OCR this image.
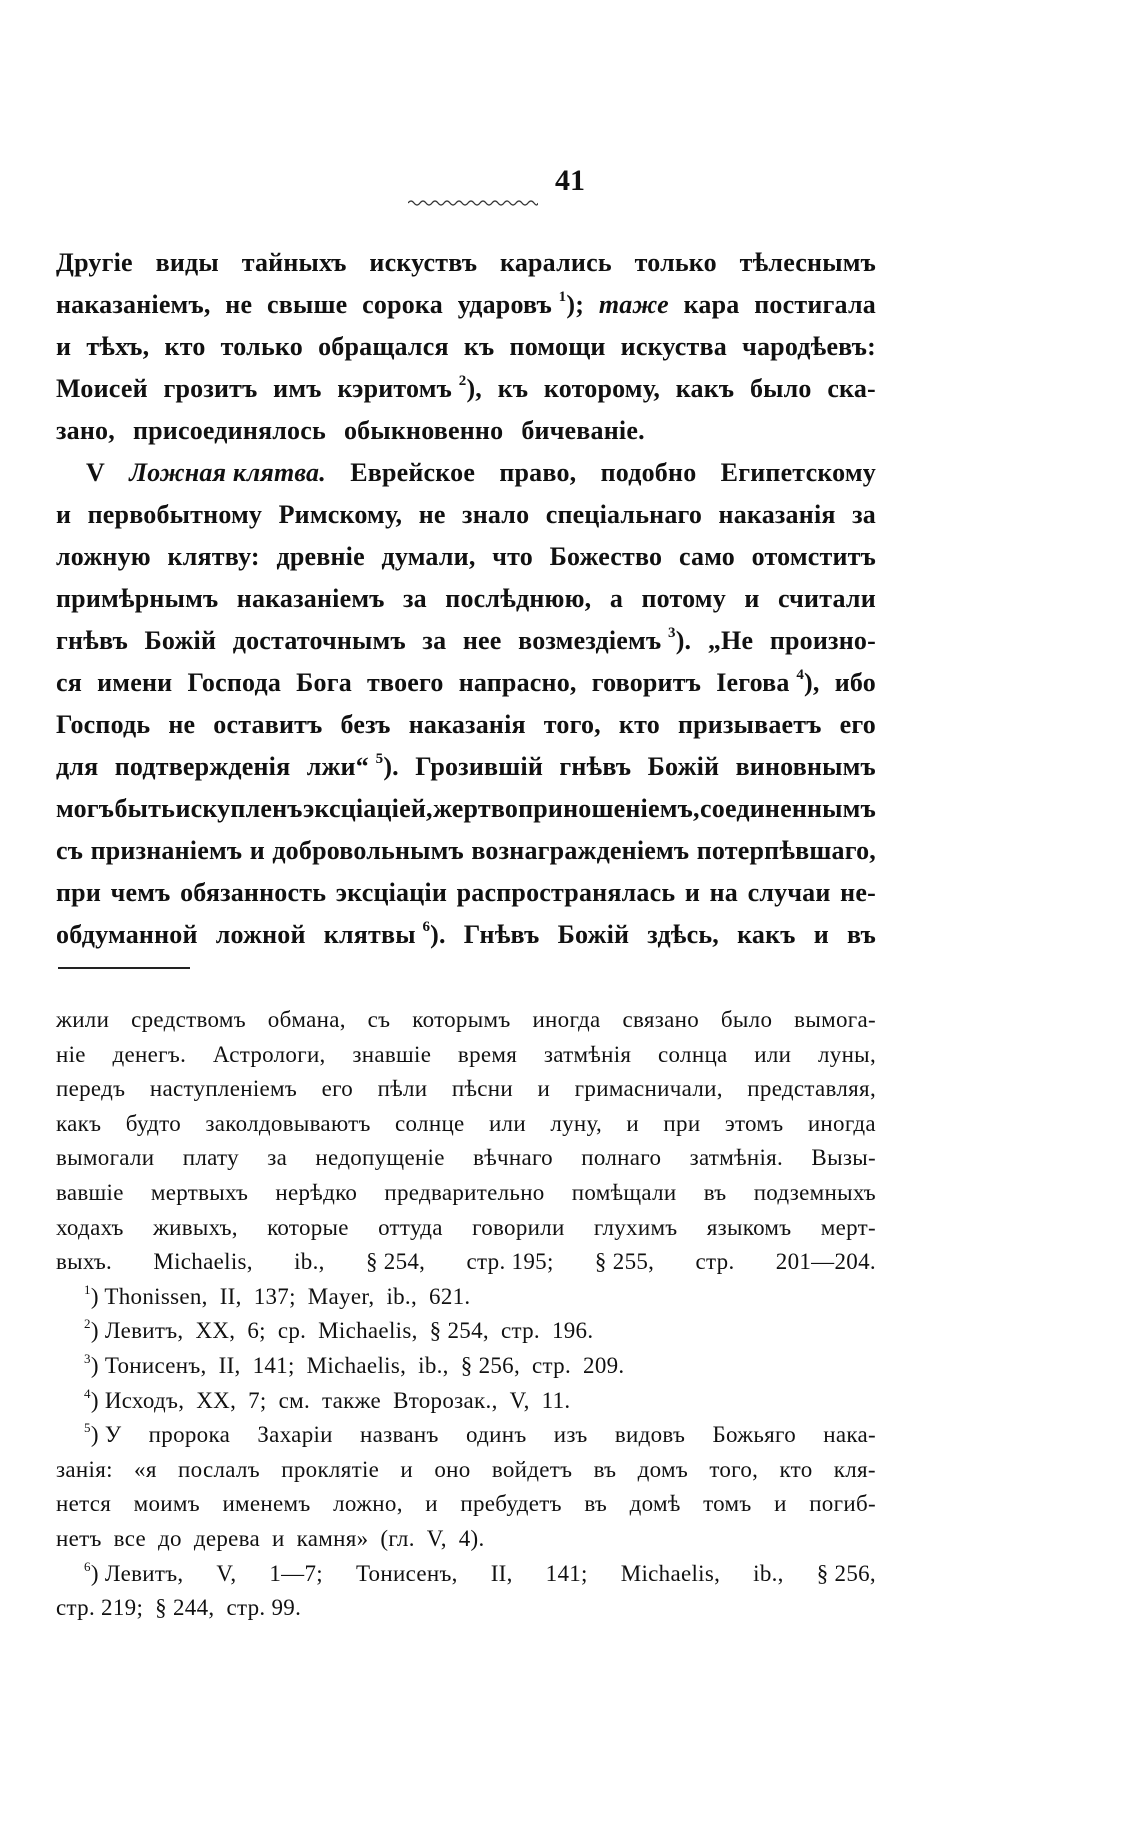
41
Другіе виды тайныхъ искуствъ карались только тѣлеснымъ
наказаніемъ, не свыше сорока ударовъ $^1$); таже кара постигала
и тѣхъ, кто только обращался къ помощи искуства чародѣевъ:
Моисей грозитъ имъ кэритомъ $^2$), къ которому, какъ было ска-
зано, присоединялось обыкновенно бичеваніе.
V Ложная клятва. Еврейское право, подобно Египетскому
и первобытному Римскому, не знало спеціальнаго наказанія за
ложную клятву: древніе думали, что Божество само отомститъ
примѣрнымъ наказаніемъ за послѣднюю, а потому и считали
гнѣвъ Божій достаточнымъ за нее возмездіемъ $^3$). „Не произно-
ся имени Господа Бога твоего напрасно, говоритъ Іегова $^4$), ибо
Господь не оставитъ безъ наказанія того, кто призываетъ его
для подтвержденія лжи“ $^5$). Грозившій гнѣвъ Божій виновнымъ
могъ быть искупленъ эксціаціей, жертвоприношеніемъ, соединеннымъ
съ признаніемъ и добровольнымъ вознагражденіемъ потерпѣвшаго,
при чемъ обязанность эксціаціи распространялась и на случаи не-
обдуманной ложной клятвы $^6$). Гнѣвъ Божій здѣсь, какъ и въ
жили средствомъ обмана, съ которымъ иногда связано было вымога-
ніе денегъ. Астрологи, знавшіе время затмѣнія солнца или луны,
передъ наступленіемъ его пѣли пѣсни и гримасничали, представляя,
какъ будто заколдовываютъ солнце или луну, и при этомъ иногда
вымогали плату за недопущеніе вѣчнаго полнаго затмѣнія. Вызы-
вавшіе мертвыхъ нерѣдко предварительно помѣщали въ подземныхъ
ходахъ живыхъ, которые оттуда говорили глухимъ языкомъ мерт-
выхъ. Michaelis, ib., § 254, стр. 195; § 255, стр. 201—204.
$^1$) Thonissen, II, 137; Mayer, ib., 621.
$^2$) Левитъ, XX, 6; ср. Michaelis, § 254, стр. 196.
$^3$) Тонисенъ, II, 141; Michaelis, ib., § 256, стр. 209.
$^4$) Исходъ, XX, 7; см. также Второзак., V, 11.
$^5$) У пророка Захаріи названъ одинъ изъ видовъ Божьяго нака-
занія: «я послалъ проклятіе и оно войдетъ въ домъ того, кто кля-
нется моимъ именемъ ложно, и пребудетъ въ домѣ томъ и погиб-
нетъ все до дерева и камня» (гл. V, 4).
$^6$) Левитъ, V, 1—7; Тонисенъ, II, 141; Michaelis, ib., § 256,
стр. 219; § 244, стр. 99.
